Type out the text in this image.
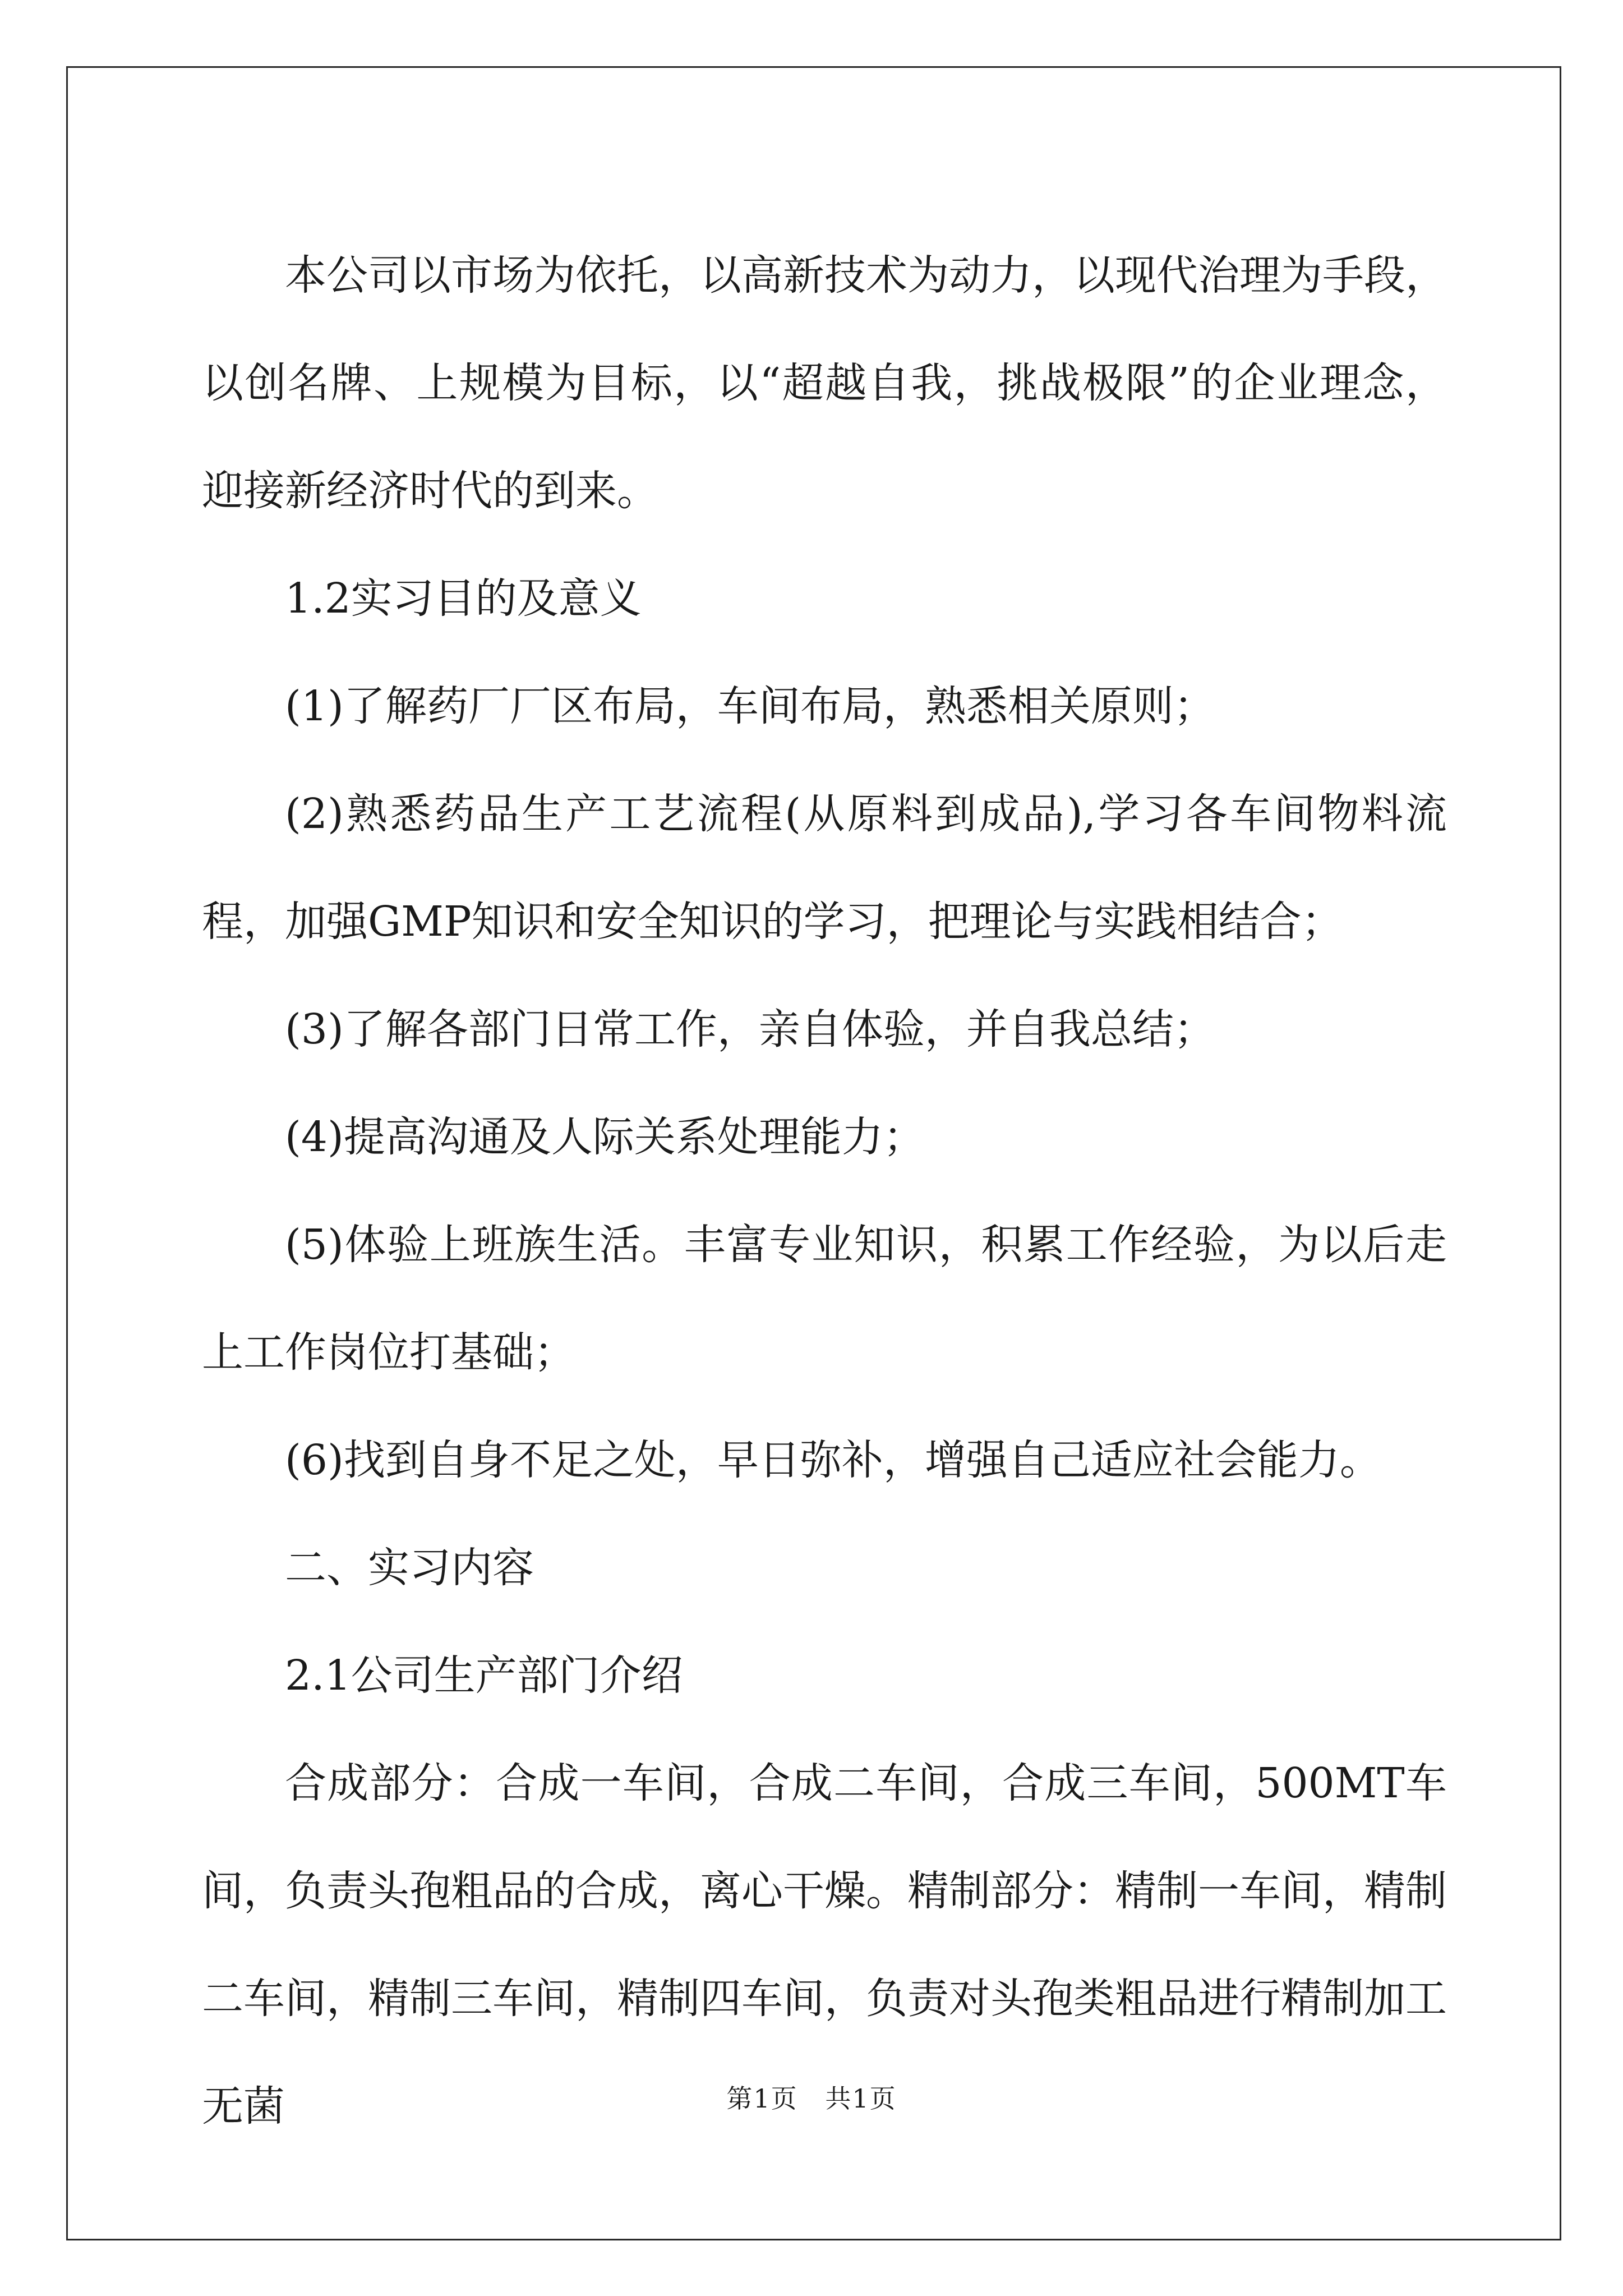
本公司以市场为依托，以高新技术为动力，以现代治理为手段，以创名牌、上规模为目标，以“超越自我，挑战极限”的企业理念，迎接新经济时代的到来。

1.2实习目的及意义

(1)了解药厂厂区布局，车间布局，熟悉相关原则；

(2)熟悉药品生产工艺流程(从原料到成品),学习各车间物料流程，加强GMP知识和安全知识的学习，把理论与实践相结合；

(3)了解各部门日常工作，亲自体验，并自我总结；

(4)提高沟通及人际关系处理能力；

(5)体验上班族生活。丰富专业知识，积累工作经验，为以后走上工作岗位打基础；

(6)找到自身不足之处，早日弥补，增强自己适应社会能力。

二、实习内容

2.1公司生产部门介绍

合成部分：合成一车间，合成二车间，合成三车间，500MT车间，负责头孢粗品的合成，离心干燥。精制部分：精制一车间，精制二车间，精制三车间，精制四车间，负责对头孢类粗品进行精制加工无菌	第1页 共1页
